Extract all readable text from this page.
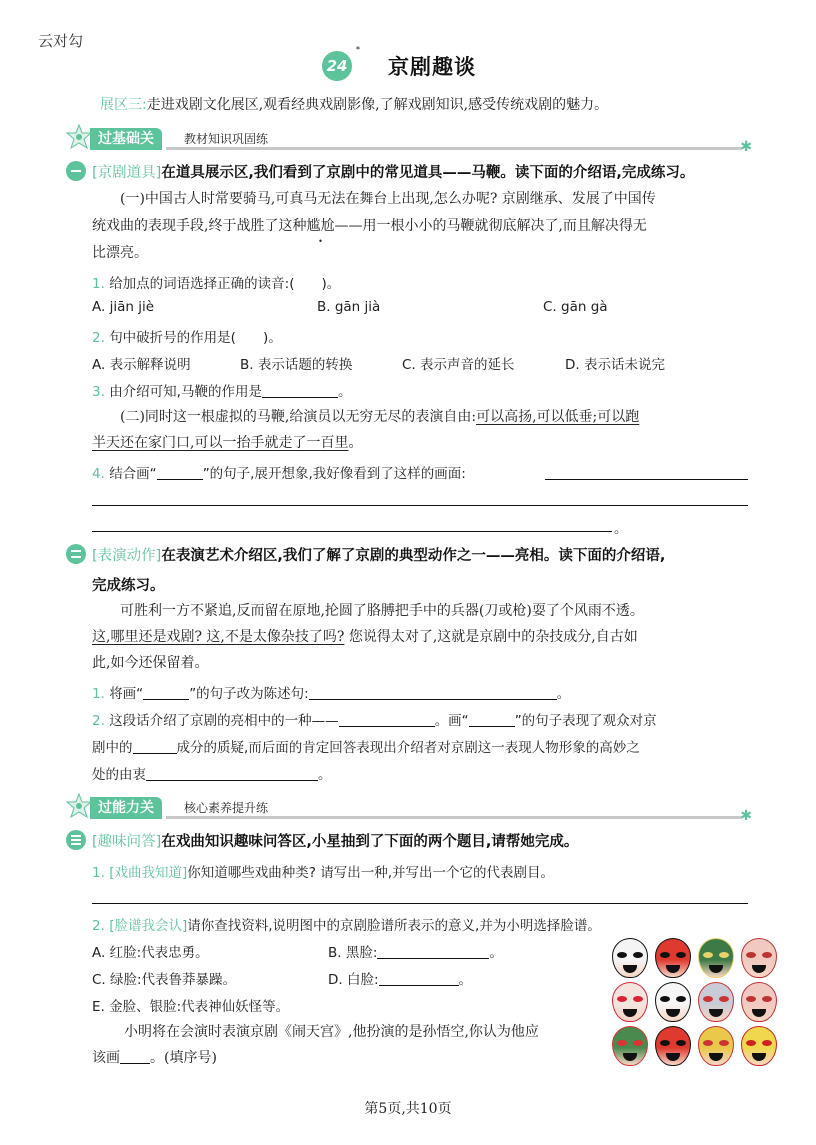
云对勾
24
*
京剧趣谈
展区三:走进戏剧文化展区,观看经典戏剧影像,了解戏剧知识,感受传统戏剧的魅力。
过基础关	教材知识巩固练	✱
[京剧道具]在道具展示区,我们看到了京剧中的常见道具——马鞭。读下面的介绍语,完成练习。
(一)中国古人时常要骑马,可真马无法在舞台上出现,怎么办呢? 京剧继承、发展了中国传
统戏曲的表现手段,终于战胜了这种尴尬——用一根小小的马鞭就彻底解决了,而且解决得无
比漂亮。
1. 给加点的词语选择正确的读音:(　　)。
A. jiān jiè	B. gān jià	C. gān gà
2. 句中破折号的作用是(　　)。
A. 表示解释说明	B. 表示话题的转换	C. 表示声音的延长	D. 表示话未说完
3. 由介绍可知,马鞭的作用是	。
(二)同时这一根虚拟的马鞭,给演员以无穷无尽的表演自由:可以高扬,可以低垂;可以跑
半天还在家门口,可以一抬手就走了一百里。
4. 结合画“	”的句子,展开想象,我好像看到了这样的画面:
。
[表演动作]在表演艺术介绍区,我们了解了京剧的典型动作之一——亮相。读下面的介绍语,
完成练习。
可胜利一方不紧追,反而留在原地,抡圆了胳膊把手中的兵器(刀或枪)耍了个风雨不透。
这,哪里还是戏剧? 这,不是太像杂技了吗? 您说得太对了,这就是京剧中的杂技成分,自古如
此,如今还保留着。
1. 将画“	”的句子改为陈述句:	。
2. 这段话介绍了京剧的亮相中的一种——	。画“	”的句子表现了观众对京
剧中的	成分的质疑,而后面的肯定回答表现出介绍者对京剧这一表现人物形象的高妙之
处的由衷	。
过能力关	核心素养提升练	✱
[趣味问答]在戏曲知识趣味问答区,小星抽到了下面的两个题目,请帮她完成。
1. [戏曲我知道]你知道哪些戏曲种类? 请写出一种,并写出一个它的代表剧目。
2. [脸谱我会认]请你查找资料,说明图中的京剧脸谱所表示的意义,并为小明选择脸谱。
A. 红脸:代表忠勇。	B. 黑脸:	。
C. 绿脸:代表鲁莽暴躁。	D. 白脸:	。
E. 金脸、银脸:代表神仙妖怪等。
小明将在会演时表演京剧《闹天宫》,他扮演的是孙悟空,你认为他应
该画 。(填序号)
第5页,共10页
